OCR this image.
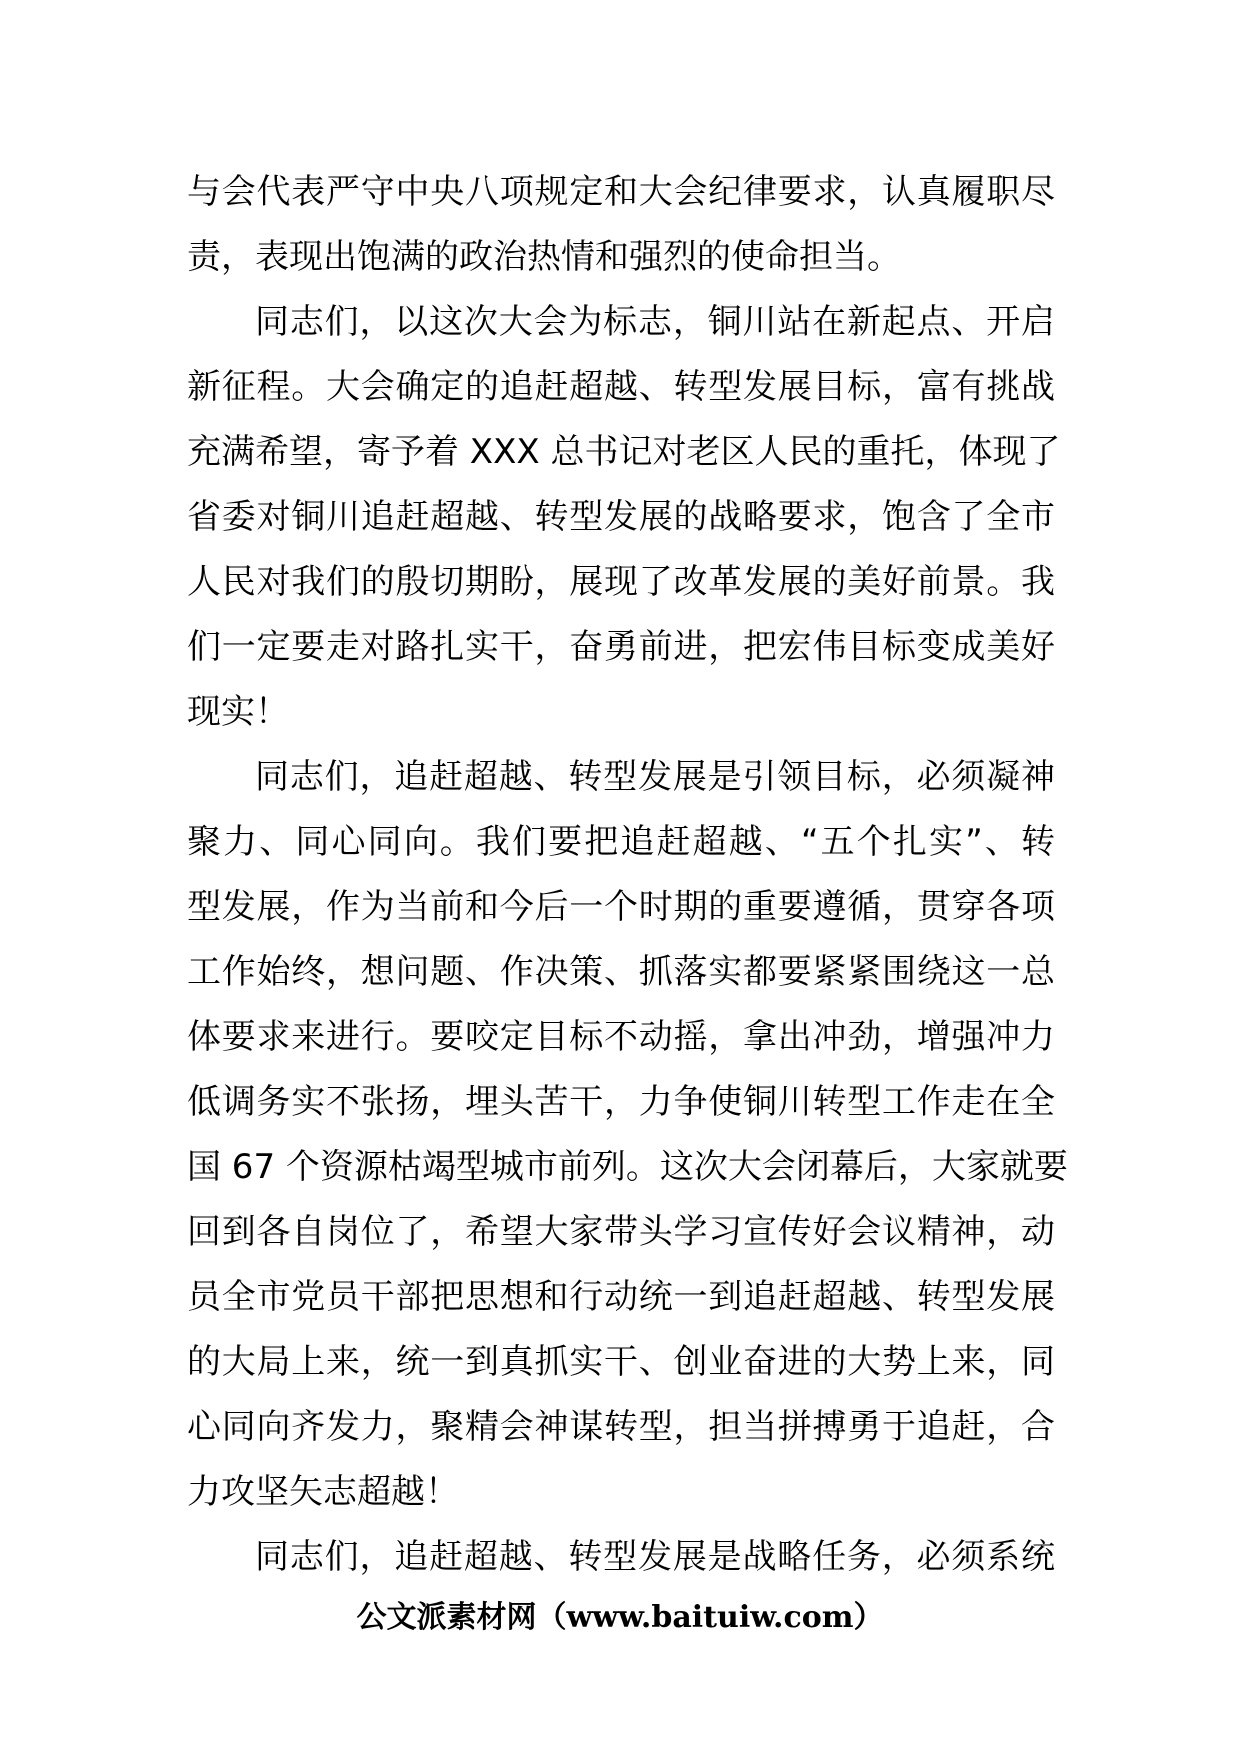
与会代表严守中央八项规定和大会纪律要求，认真履职尽
责，表现出饱满的政治热情和强烈的使命担当。
同志们，以这次大会为标志，铜川站在新起点、开启
新征程。大会确定的追赶超越、转型发展目标，富有挑战
充满希望，寄予着 XXX 总书记对老区人民的重托，体现了
省委对铜川追赶超越、转型发展的战略要求，饱含了全市
人民对我们的殷切期盼，展现了改革发展的美好前景。我
们一定要走对路扎实干，奋勇前进，把宏伟目标变成美好
现实！
同志们，追赶超越、转型发展是引领目标，必须凝神
聚力、同心同向。我们要把追赶超越、“五个扎实”、转
型发展，作为当前和今后一个时期的重要遵循，贯穿各项
工作始终，想问题、作决策、抓落实都要紧紧围绕这一总
体要求来进行。要咬定目标不动摇，拿出冲劲，增强冲力
低调务实不张扬，埋头苦干，力争使铜川转型工作走在全
国 67 个资源枯竭型城市前列。这次大会闭幕后，大家就要
回到各自岗位了，希望大家带头学习宣传好会议精神，动
员全市党员干部把思想和行动统一到追赶超越、转型发展
的大局上来，统一到真抓实干、创业奋进的大势上来，同
心同向齐发力，聚精会神谋转型，担当拼搏勇于追赶，合
力攻坚矢志超越！
同志们，追赶超越、转型发展是战略任务，必须系统
公文派素材网（www.baituiw.com）
